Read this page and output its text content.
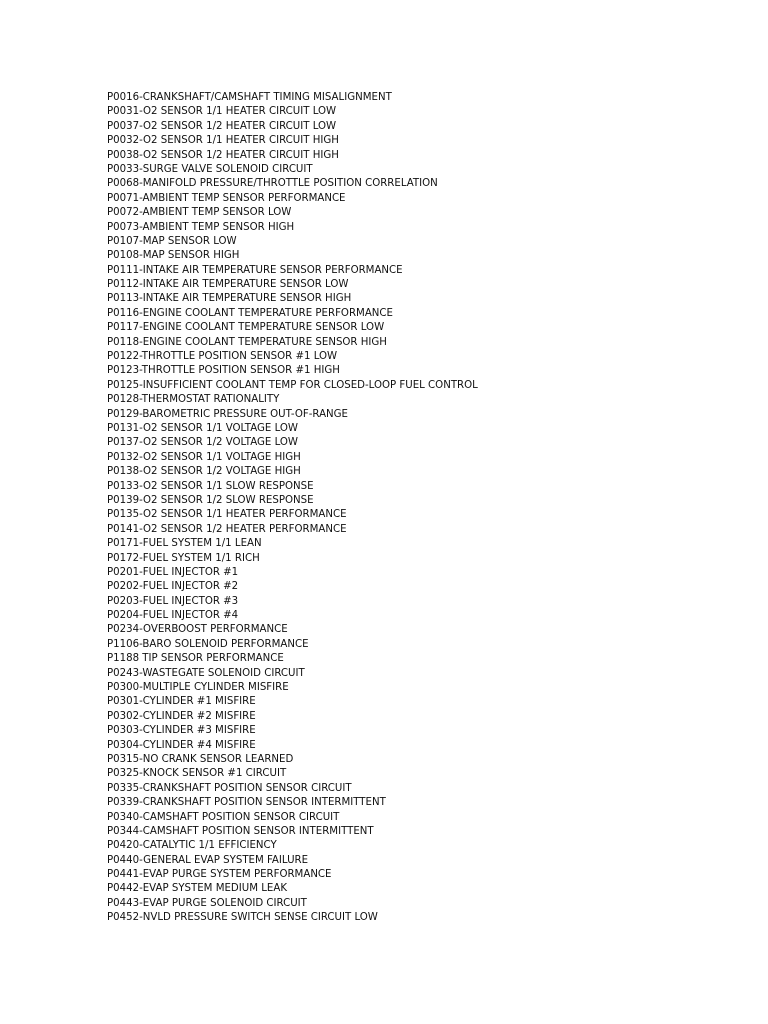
P0016-CRANKSHAFT/CAMSHAFT TIMING MISALIGNMENT
P0031-O2 SENSOR 1/1 HEATER CIRCUIT LOW
P0037-O2 SENSOR 1/2 HEATER CIRCUIT LOW
P0032-O2 SENSOR 1/1 HEATER CIRCUIT HIGH
P0038-O2 SENSOR 1/2 HEATER CIRCUIT HIGH
P0033-SURGE VALVE SOLENOID CIRCUIT
P0068-MANIFOLD PRESSURE/THROTTLE POSITION CORRELATION
P0071-AMBIENT TEMP SENSOR PERFORMANCE
P0072-AMBIENT TEMP SENSOR LOW
P0073-AMBIENT TEMP SENSOR HIGH
P0107-MAP SENSOR LOW
P0108-MAP SENSOR HIGH
P0111-INTAKE AIR TEMPERATURE SENSOR PERFORMANCE
P0112-INTAKE AIR TEMPERATURE SENSOR LOW
P0113-INTAKE AIR TEMPERATURE SENSOR HIGH
P0116-ENGINE COOLANT TEMPERATURE PERFORMANCE
P0117-ENGINE COOLANT TEMPERATURE SENSOR LOW
P0118-ENGINE COOLANT TEMPERATURE SENSOR HIGH
P0122-THROTTLE POSITION SENSOR #1 LOW
P0123-THROTTLE POSITION SENSOR #1 HIGH
P0125-INSUFFICIENT COOLANT TEMP FOR CLOSED-LOOP FUEL CONTROL
P0128-THERMOSTAT RATIONALITY
P0129-BAROMETRIC PRESSURE OUT-OF-RANGE
P0131-O2 SENSOR 1/1 VOLTAGE LOW
P0137-O2 SENSOR 1/2 VOLTAGE LOW
P0132-O2 SENSOR 1/1 VOLTAGE HIGH
P0138-O2 SENSOR 1/2 VOLTAGE HIGH
P0133-O2 SENSOR 1/1 SLOW RESPONSE
P0139-O2 SENSOR 1/2 SLOW RESPONSE
P0135-O2 SENSOR 1/1 HEATER PERFORMANCE
P0141-O2 SENSOR 1/2 HEATER PERFORMANCE
P0171-FUEL SYSTEM 1/1 LEAN
P0172-FUEL SYSTEM 1/1 RICH
P0201-FUEL INJECTOR #1
P0202-FUEL INJECTOR #2
P0203-FUEL INJECTOR #3
P0204-FUEL INJECTOR #4
P0234-OVERBOOST PERFORMANCE
P1106-BARO SOLENOID PERFORMANCE
P1188 TIP SENSOR PERFORMANCE
P0243-WASTEGATE SOLENOID CIRCUIT
P0300-MULTIPLE CYLINDER MISFIRE
P0301-CYLINDER #1 MISFIRE
P0302-CYLINDER #2 MISFIRE
P0303-CYLINDER #3 MISFIRE
P0304-CYLINDER #4 MISFIRE
P0315-NO CRANK SENSOR LEARNED
P0325-KNOCK SENSOR #1 CIRCUIT
P0335-CRANKSHAFT POSITION SENSOR CIRCUIT
P0339-CRANKSHAFT POSITION SENSOR INTERMITTENT
P0340-CAMSHAFT POSITION SENSOR CIRCUIT
P0344-CAMSHAFT POSITION SENSOR INTERMITTENT
P0420-CATALYTIC 1/1 EFFICIENCY
P0440-GENERAL EVAP SYSTEM FAILURE
P0441-EVAP PURGE SYSTEM PERFORMANCE
P0442-EVAP SYSTEM MEDIUM LEAK
P0443-EVAP PURGE SOLENOID CIRCUIT
P0452-NVLD PRESSURE SWITCH SENSE CIRCUIT LOW
